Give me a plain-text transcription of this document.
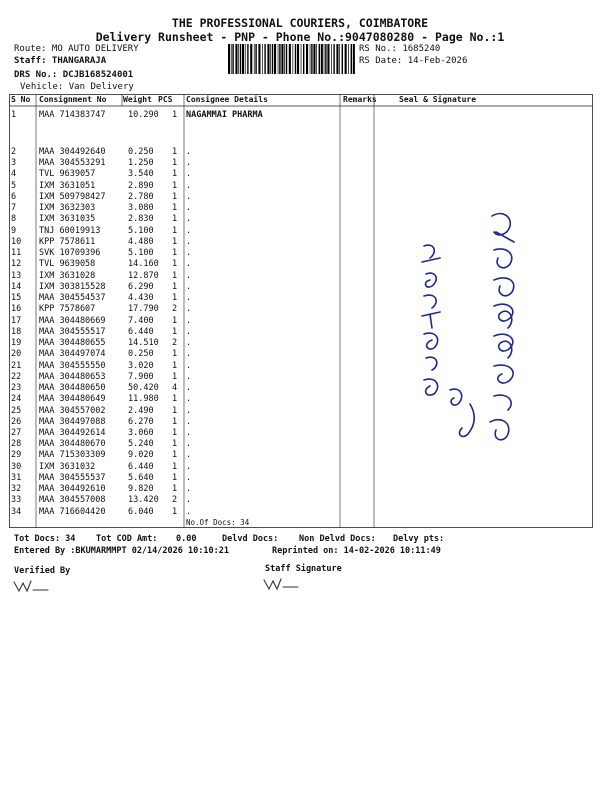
THE PROFESSIONAL COURIERS, COIMBATORE
Delivery Runsheet - PNP - Phone No.:9047080280 - Page No.:1
Route: MO AUTO DELIVERY
Staff: THANGARAJA
DRS No.: DCJB168524001
Vehicle: Van Delivery
RS No.: 1685240
RS Date: 14-Feb-2026
S No Consignment No Weight PCS Consignee Details	Remarks	Seal & Signature
1	MAA 714383747	10.290 1 NAGAMMAI PHARMA
2	MAA 304492640	0.250 1 .
3	MAA 304553291	1.250 1 .
4	TVL 9639057	3.540 1 .
5	IXM 3631051	2.890 1 .
6	IXM 509798427	2.780 1 .
7	IXM 3632303	3.080 1 .
8	IXM 3631035	2.830 1 .
9	TNJ 60019913	5.100 1 .
10 KPP 7578611	4.480 1 .
11 SVK 10709396	5.100 1 .
12 TVL 9639058	14.160 1 .
13 IXM 3631028	12.870 1 .
14 IXM 303815528	6.290 1 .
15 MAA 304554537	4.430 1 .
16 KPP 7578607	17.790 2 .
17 MAA 304480669	7.400 1 .
18 MAA 304555517	6.440 1 .
19 MAA 304480655	14.510 2 .
20 MAA 304497074	0.250 1 .
21 MAA 304555550	3.020 1 .
22 MAA 304480653	7.900 1 .
23 MAA 304480650	50.420 4 .
24 MAA 304480649	11.980 1 .
25 MAA 304557002	2.490 1 .
26 MAA 304497088	6.270 1 .
27 MAA 304492614	3.060 1 .
28 MAA 304480670	5.240 1 .
29 MAA 715303309	9.020 1 .
30 IXM 3631032	6.440 1 .
31 MAA 304555537	5.640 1 .
32 MAA 304492610	9.820 1 .
33 MAA 304557008	13.420 2 .
34 MAA 716604420	6.040 1 .
No.Of Docs: 34
Tot Docs: 34 Tot COD Amt: 0.00	Delvd Docs: Non Delvd Docs: Delvy pts:
Entered By :BKUMARMMPT 02/14/2026 10:10:21	Reprinted on: 14-02-2026 10:11:49
Verified By	Staff Signature
